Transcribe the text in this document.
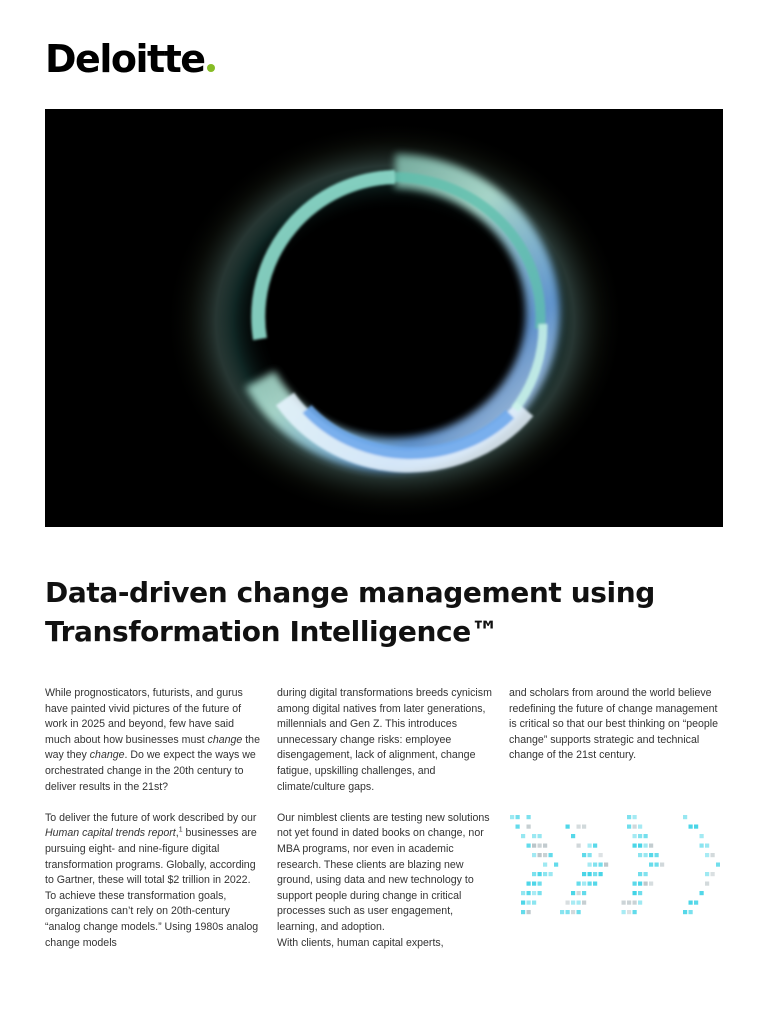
Deloitte
Data-driven change management using Transformation Intelligence™

While prognosticators, futurists, and gurus have painted vivid pictures of the future of work in 2025 and beyond, few have said much about how businesses must change the way they change. Do we expect the ways we orchestrated change in the 20th century to deliver results in the 21st?

To deliver the future of work described by our Human capital trends report,$^1$ businesses are pursuing eight- and nine-figure digital transformation programs. Globally, according to Gartner, these will total $2 trillion in 2022. To achieve these transformation goals, organizations can’t rely on 20th-century “analog change models.” Using 1980s analog change models

during digital transformations breeds cynicism among digital natives from later generations, millennials and Gen Z. This introduces unnecessary change risks: employee disengagement, lack of alignment, change fatigue, upskilling challenges, and climate/culture gaps.

Our nimblest clients are testing new solutions not yet found in dated books on change, nor MBA programs, nor even in academic research. These clients are blazing new ground, using data and new technology to support people during change in critical processes such as user engagement, learning, and adoption.

With clients, human capital experts,

and scholars from around the world believe redefining the future of change management is critical so that our best thinking on “people change” supports strategic and technical change of the 21st century.
